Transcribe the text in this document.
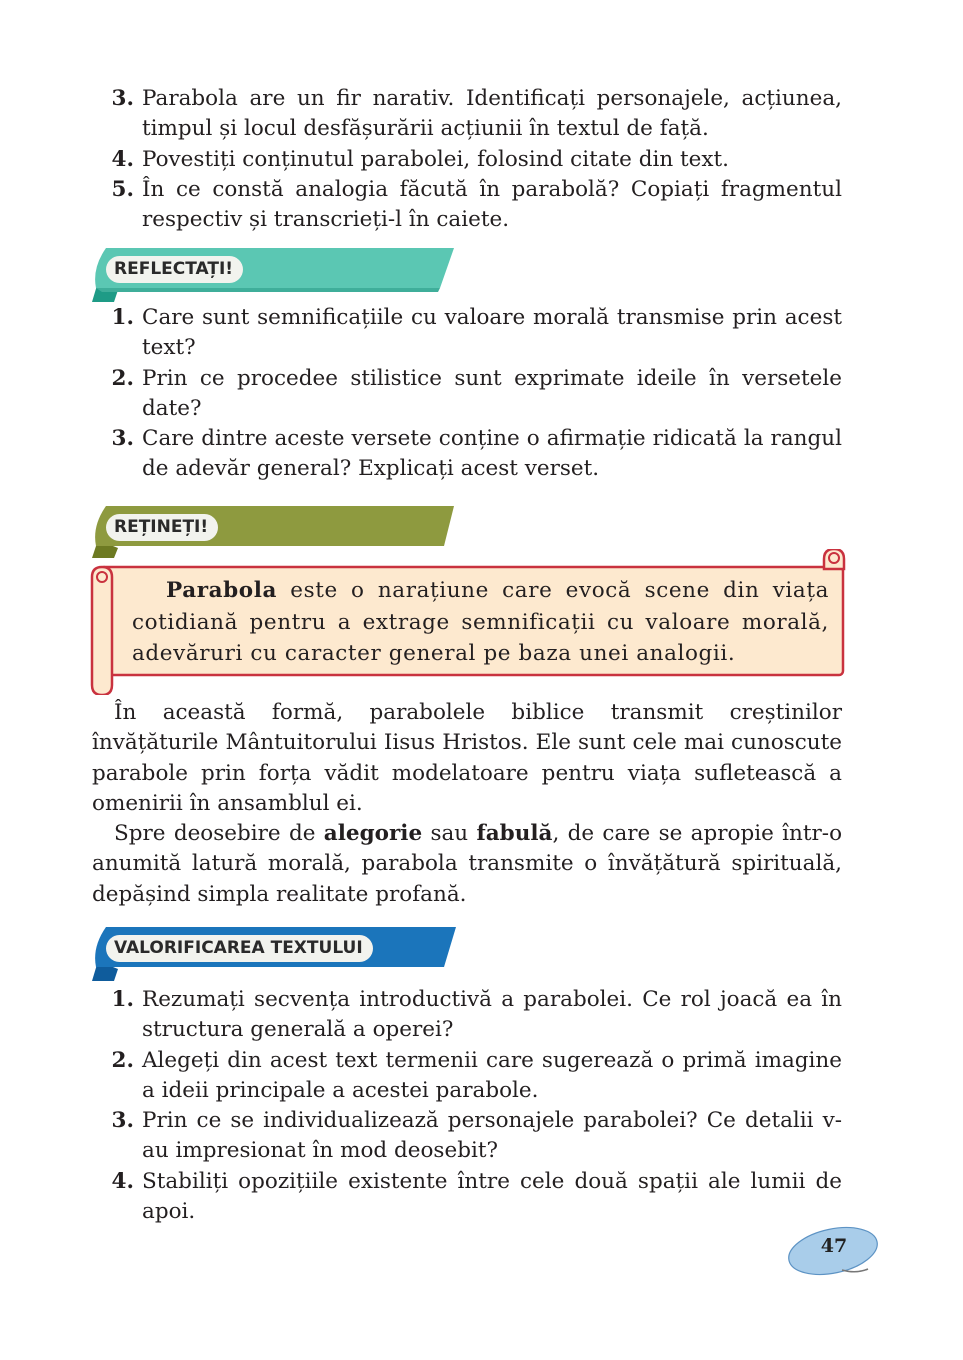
3. Parabola are un fir narativ. Identificați personajele, acțiunea, timpul și locul desfășurării acțiunii în textul de față.
4. Povestiți conținutul parabolei, folosind citate din text.
5. În ce constă analogia făcută în parabolă? Copiați fragmentul respectiv și transcrieți-l în caiete.
REFLECTAȚI!
1. Care sunt semnificațiile cu valoare morală transmise prin acest text?
2. Prin ce procedee stilistice sunt exprimate ideile în versetele date?
3. Care dintre aceste versete conține o afirmație ridicată la rangul de adevăr general? Explicați acest verset.
REȚINEȚI!
Parabola este o narațiune care evocă scene din viața cotidiană pentru a extrage semnificații cu valoare morală, adevăruri cu caracter general pe baza unei analogii.

În această formă, parabolele biblice transmit creștinilor învățăturile Mântuitorului Iisus Hristos. Ele sunt cele mai cunoscute parabole prin forța vădit modelatoare pentru viața sufletească a omenirii în ansamblul ei.

Spre deosebire de alegorie sau fabulă, de care se apropie într-o anumită latură morală, parabola transmite o învățătură spirituală, depășind simpla realitate profană.

VALORIFICAREA TEXTULUI
1. Rezumați secvența introductivă a parabolei. Ce rol joacă ea în structura generală a operei?
2. Alegeți din acest text termenii care sugerează o primă imagine a ideii principale a acestei parabole.
3. Prin ce se individualizează personajele parabolei? Ce detalii v-au impresionat în mod deosebit?
4. Stabiliți opozițiile existente între cele două spații ale lumii de apoi.
47
